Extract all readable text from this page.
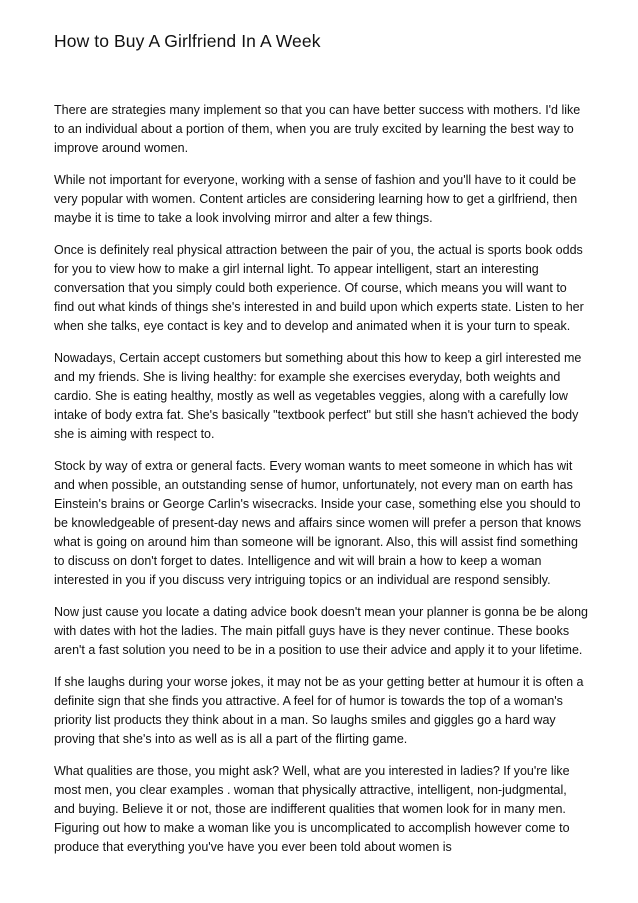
How to Buy A Girlfriend In A Week

There are strategies many implement so that you can have better success with mothers. I'd like to an individual about a portion of them, when you are truly excited by learning the best way to improve around women.

While not important for everyone, working with a sense of fashion and you'll have to it could be very popular with women. Content articles are considering learning how to get a girlfriend, then maybe it is time to take a look involving mirror and alter a few things.

Once is definitely real physical attraction between the pair of you, the actual is sports book odds for you to view how to make a girl internal light. To appear intelligent, start an interesting conversation that you simply could both experience. Of course, which means you will want to find out what kinds of things she's interested in and build upon which experts state. Listen to her when she talks, eye contact is key and to develop and animated when it is your turn to speak.

Nowadays, Certain accept customers but something about this how to keep a girl interested me and my friends. She is living healthy: for example she exercises everyday, both weights and cardio. She is eating healthy, mostly as well as vegetables veggies, along with a carefully low intake of body extra fat. She's basically "textbook perfect" but still she hasn't achieved the body she is aiming with respect to.

Stock by way of extra or general facts. Every woman wants to meet someone in which has wit and when possible, an outstanding sense of humor, unfortunately, not every man on earth has Einstein's brains or George Carlin's wisecracks. Inside your case, something else you should to be knowledgeable of present-day news and affairs since women will prefer a person that knows what is going on around him than someone will be ignorant. Also, this will assist find something to discuss on don't forget to dates. Intelligence and wit will brain a how to keep a woman interested in you if you discuss very intriguing topics or an individual are respond sensibly.

Now just cause you locate a dating advice book doesn't mean your planner is gonna be be along with dates with hot the ladies. The main pitfall guys have is they never continue. These books aren't a fast solution you need to be in a position to use their advice and apply it to your lifetime.

If she laughs during your worse jokes, it may not be as your getting better at humour it is often a definite sign that she finds you attractive. A feel for of humor is towards the top of a woman's priority list products they think about in a man. So laughs smiles and giggles go a hard way proving that she's into as well as is all a part of the flirting game.

What qualities are those, you might ask? Well, what are you interested in ladies? If you're like most men, you clear examples . woman that physically attractive, intelligent, non-judgmental, and buying. Believe it or not, those are indifferent qualities that women look for in many men. Figuring out how to make a woman like you is uncomplicated to accomplish however come to produce that everything you've have you ever been told about women is
